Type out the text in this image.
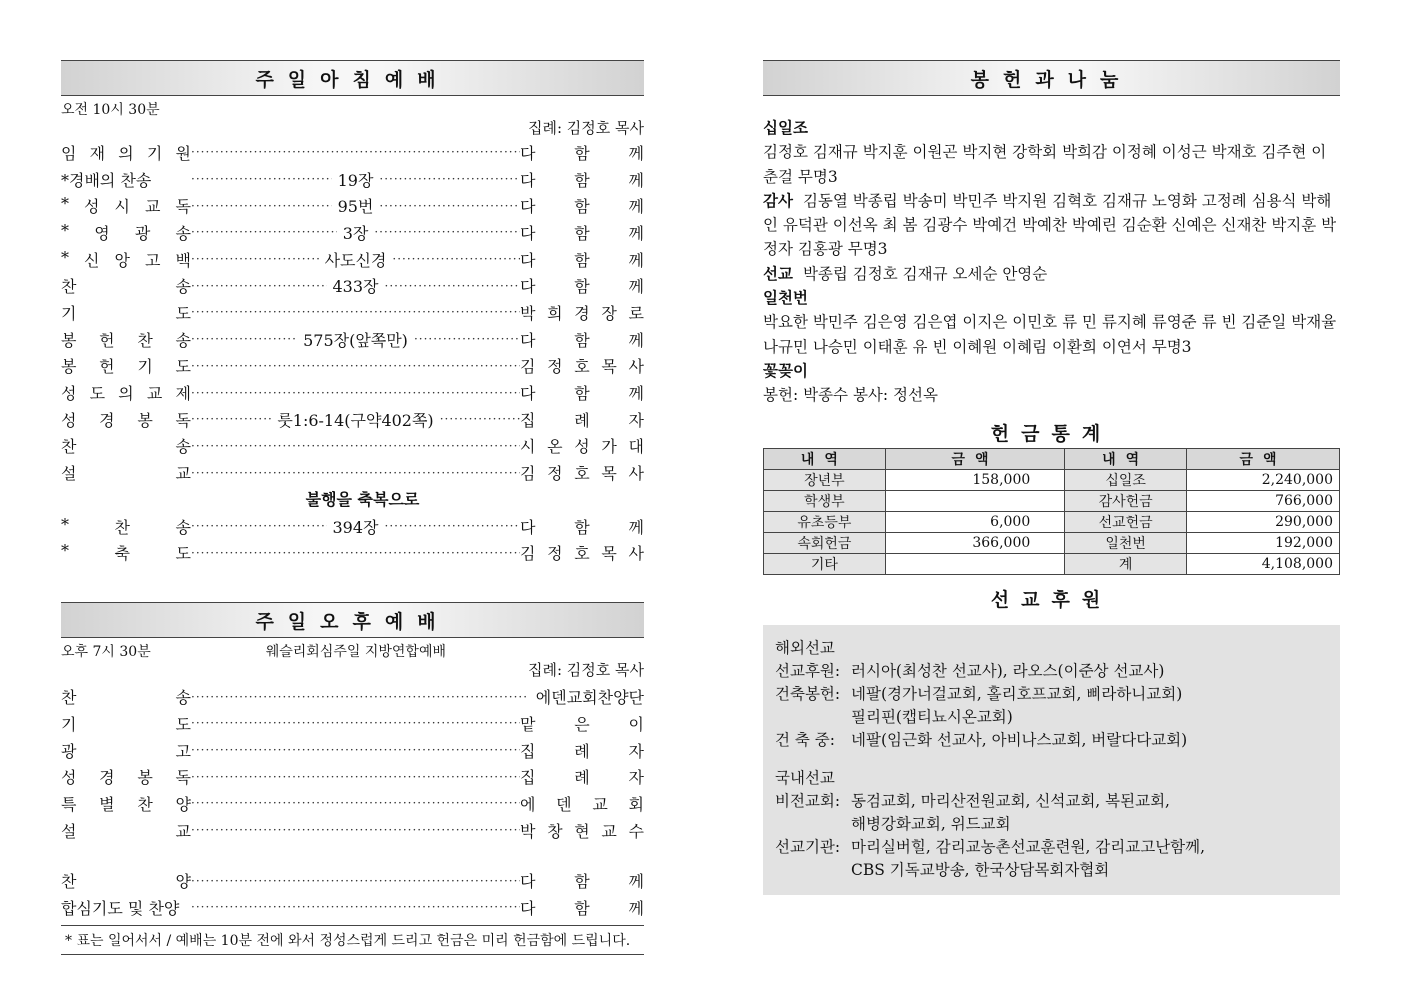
주일아침예배
오전 10시 30분
집례: 김정호 목사
임 재 의 기 원 ·····	다 함 께
*경배의 찬송 ·····	19장 ·····	다 함 께
* 성 시 교 독 ·····	95번 ·····	다 함 께
* 영 광 송 ·····	3장 ·····	다 함 께
* 신 앙 고 백 ·····	사도신경 ·····	다 함 께
찬	송 ·····	433장 ·····	다 함 께
기	도 ·····	박 희 경 장 로
봉 헌 찬 송 ·····	575장(앞쪽만) ·····	다 함 께
봉 헌 기 도 ·····	김 정 호 목 사
성 도 의 교 제 ·····	다 함 께
성 경 봉 독 ·····	룻1:6-14(구약402쪽) ·····	집 례 자
찬	송 ·····	시 온 성 가 대
설	교 ·····	김 정 호 목 사
불행을 축복으로
*	찬	송 ·····	394장 ·····	다 함 께
*	축	도 ·····	김 정 호 목 사
주일오후예배
오후 7시 30분	웨슬리회심주일 지방연합예배
집례: 김정호 목사
찬	송 ·····	에덴교회찬양단
기	도 ·····	맡 은 이
광	고 ·····	집 례 자
성 경 봉 독 ·····	집 례 자
특 별 찬 양 ·····	에 덴 교 회
설	교 ·····	박 창 현 교 수
찬	양 ·····	다 함 께
합심기도 및 찬양 ·····	다 함 께
* 표는 일어서서 / 예배는 10분 전에 와서 정성스럽게 드리고 헌금은 미리 헌금함에 드립니다.
봉헌과나눔
십일조
김정호 김재규 박지훈 이원곤 박지현 강학회 박희감 이정혜 이성근 박재호 김주현 이춘걸 무명3
감사 김동열 박종립 박송미 박민주 박지원 김혁호 김재규 노영화 고정례 심용식 박해인 유덕관 이선옥 최 봄 김광수 박예건 박예찬 박예린 김순환 신예은 신재찬 박지훈 박정자 김홍광 무명3
선교 박종립 김정호 김재규 오세순 안영순
일천번
박요한 박민주 김은영 김은엽 이지은 이민호 류 민 류지혜 류영준 류 빈 김준일 박재율 나규민 나승민 이태훈 유 빈 이혜원 이혜림 이환희 이연서 무명3
꽃꽂이
봉헌: 박종수 봉사: 정선옥
헌금통계
내역	금액	내역	금액
장년부	158,000	십일조	2,240,000
학생부		감사헌금	766,000
유초등부	6,000	선교헌금	290,000
속회헌금	366,000	일천번	192,000
기타		계	4,108,000
선교후원
해외선교
선교후원: 러시아(최성찬 선교사), 라오스(이준상 선교사)
건축봉헌: 네팔(경가너걸교회, 홀리호프교회, 삐라하니교회)
필리핀(캡티뇨시온교회)
건 축 중:	네팔(임근화 선교사, 아비나스교회, 버랄다다교회)
국내선교
비전교회: 동검교회, 마리산전원교회, 신석교회, 복된교회,
해병강화교회, 위드교회
선교기관: 마리실버힐, 감리교농촌선교훈련원, 감리교고난함께,
CBS 기독교방송, 한국상담목회자협회
